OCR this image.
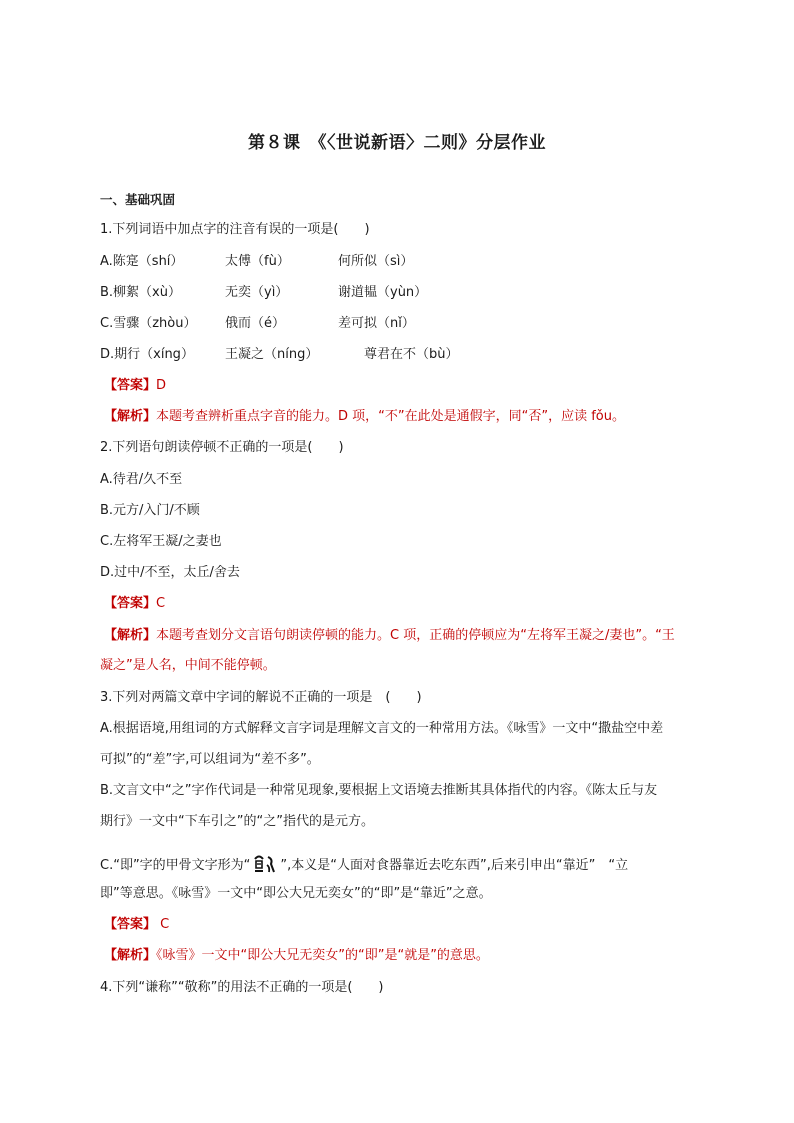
第８课　《〈世说新语〉二则》分层作业
一、基础巩固
1.下列词语中加点字的注音有误的一项是(　　)
A.陈寔（shí）	太傅（fù）	何所似（sì）
B.柳絮（xù）	无奕（yì）	谢道韫（yùn）
C.雪骤（zhòu） 俄而（é）	差可拟（nǐ）
D.期行（xíng） 王凝之（níng）	尊君在不（bù）
【答案】D
【解析】本题考查辨析重点字音的能力。D 项，“不”在此处是通假字，同“否”，应读 fǒu。
2.下列语句朗读停顿不正确的一项是(　　)
A.待君/久不至
B.元方/入门/不顾
C.左将军王凝/之妻也
D.过中/不至，太丘/舍去
【答案】C
【解析】本题考查划分文言语句朗读停顿的能力。C 项，正确的停顿应为“左将军王凝之/妻也”。“王
凝之”是人名，中间不能停顿。
3.下列对两篇文章中字词的解说不正确的一项是　(　　)
A.根据语境,用组词的方式解释文言字词是理解文言文的一种常用方法。《咏雪》一文中“撒盐空中差
可拟”的“差”字,可以组词为“差不多”。
B.文言文中“之”字作代词是一种常见现象,要根据上文语境去推断其具体指代的内容。《陈太丘与友
期行》一文中“下车引之”的“之”指代的是元方。
C.“即”字的甲骨文字形为“ ”,本义是“人面对食器靠近去吃东西”,后来引申出“靠近”　“立
即”等意思。《咏雪》一文中“即公大兄无奕女”的“即”是“靠近”之意。
【答案】 C
【解析】《咏雪》一文中“即公大兄无奕女”的“即”是“就是”的意思。
4.下列“谦称”“敬称”的用法不正确的一项是(　　)
